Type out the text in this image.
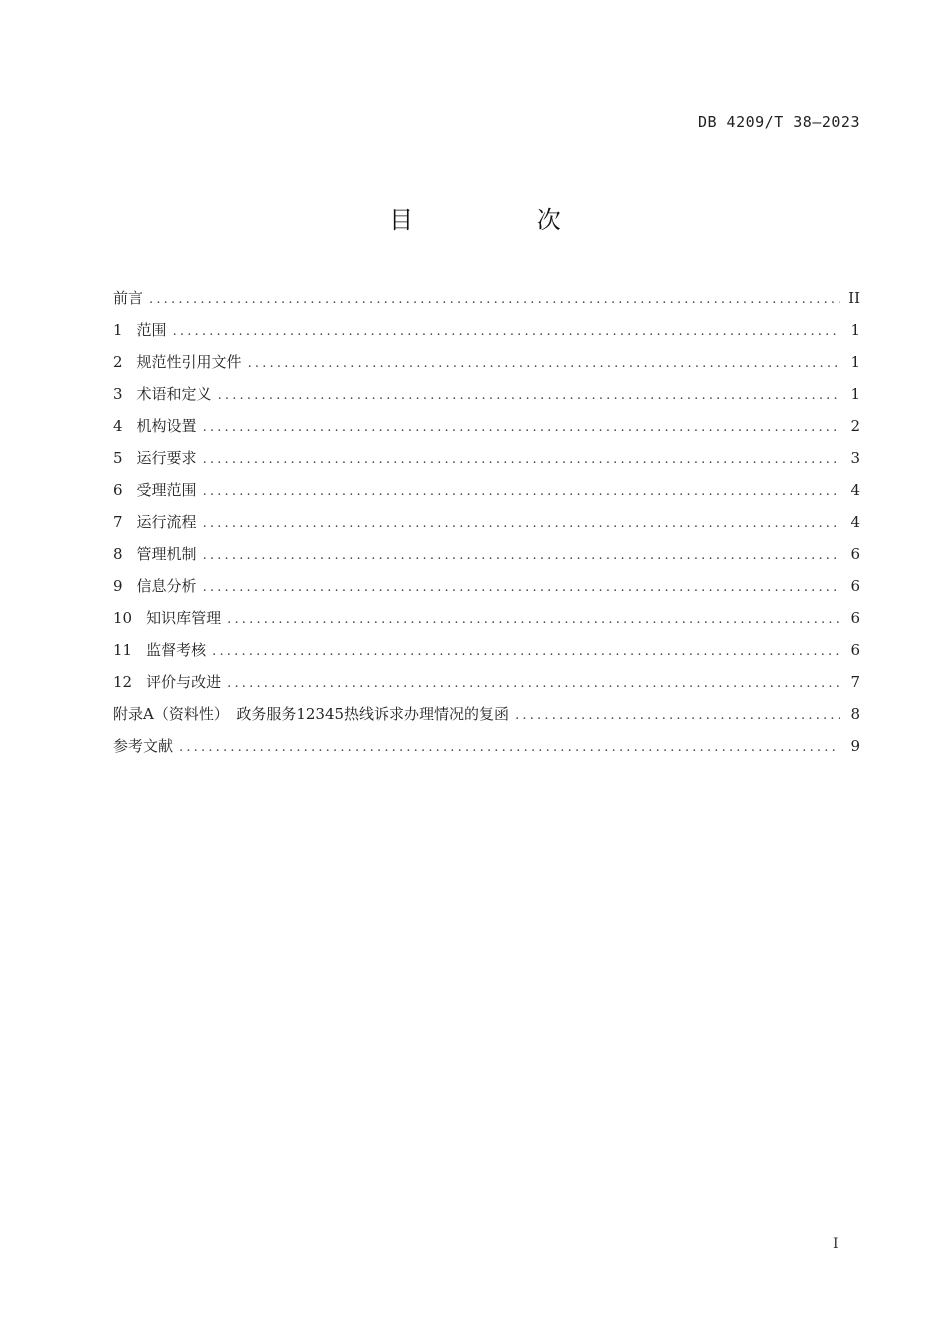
DB 4209/T 38—2023
目 次
前言 .....	II
1 范围 .....	1
2 规范性引用文件 .....	1
3 术语和定义 .....	1
4 机构设置 .....	2
5 运行要求 .....	3
6 受理范围 .....	4
7 运行流程 .....	4
8 管理机制 .....	6
9 信息分析 .....	6
10 知识库管理 .....	6
11 监督考核 .....	6
12 评价与改进 .....	7
附录A（资料性）　政务服务12345热线诉求办理情况的复函 .....	8
参考文献 .....	9
I
